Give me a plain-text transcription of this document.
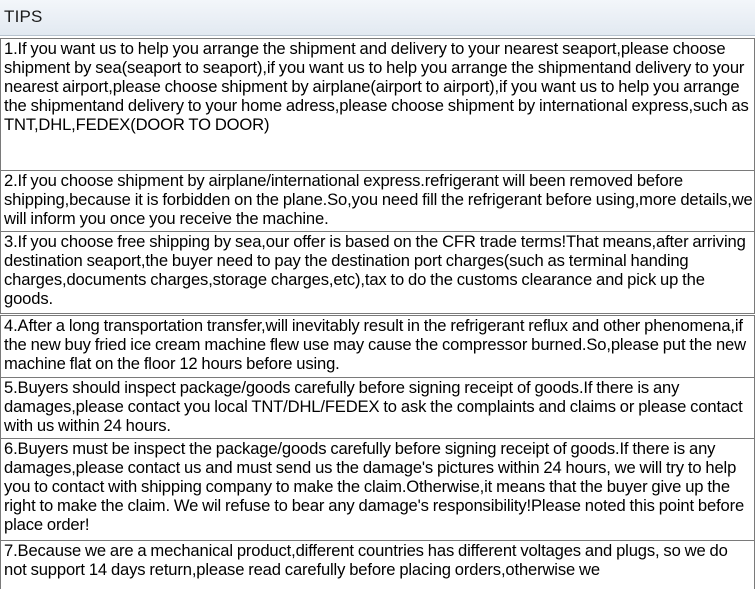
TIPS
1.If you want us to help you arrange the shipment and delivery to your nearest seaport,please choose shipment by sea(seaport to seaport),if you want us to help you arrange the shipmentand delivery to your nearest airport,please choose shipment by airplane(airport to airport),if you want us to help you arrange the shipmentand delivery to your home adress,please choose shipment by international express,such as TNT,DHL,FEDEX(DOOR TO DOOR)

2.If you choose shipment by airplane/international express.refrigerant will been removed before shipping,because it is forbidden on the plane.So,you need fill the refrigerant before using,more details,we will inform you once you receive the machine.

3.If you choose free shipping by sea,our offer is based on the CFR trade terms!That means,after arriving destination seaport,the buyer need to pay the destination port charges(such as terminal handing charges,documents charges,storage charges,etc),tax to do the customs clearance and pick up the goods.

4.After a long transportation transfer,will inevitably result in the refrigerant reflux and other phenomena,if the new buy fried ice cream machine flew use may cause the compressor burned.So,please put the new machine flat on the floor 12 hours before using.

5.Buyers should inspect package/goods carefully before signing receipt of goods.If there is any damages,please contact you local TNT/DHL/FEDEX to ask the complaints and claims or please contact with us within 24 hours.

6.Buyers must be inspect the package/goods carefully before signing receipt of goods.If there is any damages,please contact us and must send us the damage's pictures within 24 hours, we will try to help you to contact with shipping company to make the claim.Otherwise,it means that the buyer give up the right to make the claim. We wil refuse to bear any damage's responsibility!Please noted this point before place order!

7.Because we are a mechanical product,different countries has different voltages and plugs, so we do not support 14 days return,please read carefully before placing orders,otherwise we
